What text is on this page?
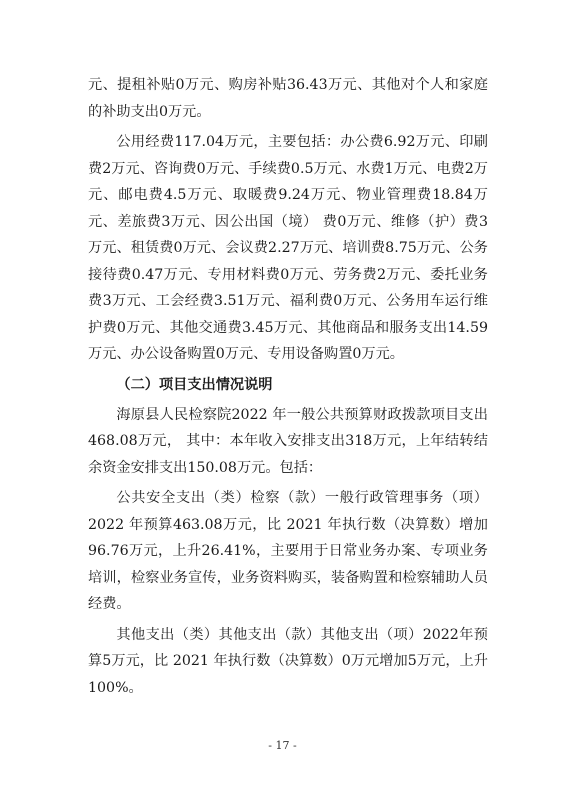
元、提租补贴0万元、购房补贴36.43万元、其他对个人和家庭的补助支出0万元。

公用经费117.04万元，主要包括：办公费6.92万元、印刷费2万元、咨询费0万元、手续费0.5万元、水费1万元、电费2万元、邮电费4.5万元、取暖费9.24万元、物业管理费18.84万元、差旅费3万元、因公出国（境） 费0万元、维修（护）费3万元、租赁费0万元、会议费2.27万元、培训费8.75万元、公务接待费0.47万元、专用材料费0万元、劳务费2万元、委托业务费3万元、工会经费3.51万元、福利费0万元、公务用车运行维护费0万元、其他交通费3.45万元、其他商品和服务支出14.59万元、办公设备购置0万元、专用设备购置0万元。

（二）项目支出情况说明

海原县人民检察院2022 年一般公共预算财政拨款项目支出468.08万元， 其中：本年收入安排支出318万元，上年结转结余资金安排支出150.08万元。包括：

公共安全支出（类）检察（款）一般行政管理事务（项）2022 年预算463.08万元，比 2021 年执行数（决算数）增加96.76万元，上升26.41%，主要用于日常业务办案、专项业务培训，检察业务宣传，业务资料购买，装备购置和检察辅助人员经费。

其他支出（类）其他支出（款）其他支出（项）2022年预算5万元，比 2021 年执行数（决算数）0万元增加5万元，上升100%。

- 17 -
